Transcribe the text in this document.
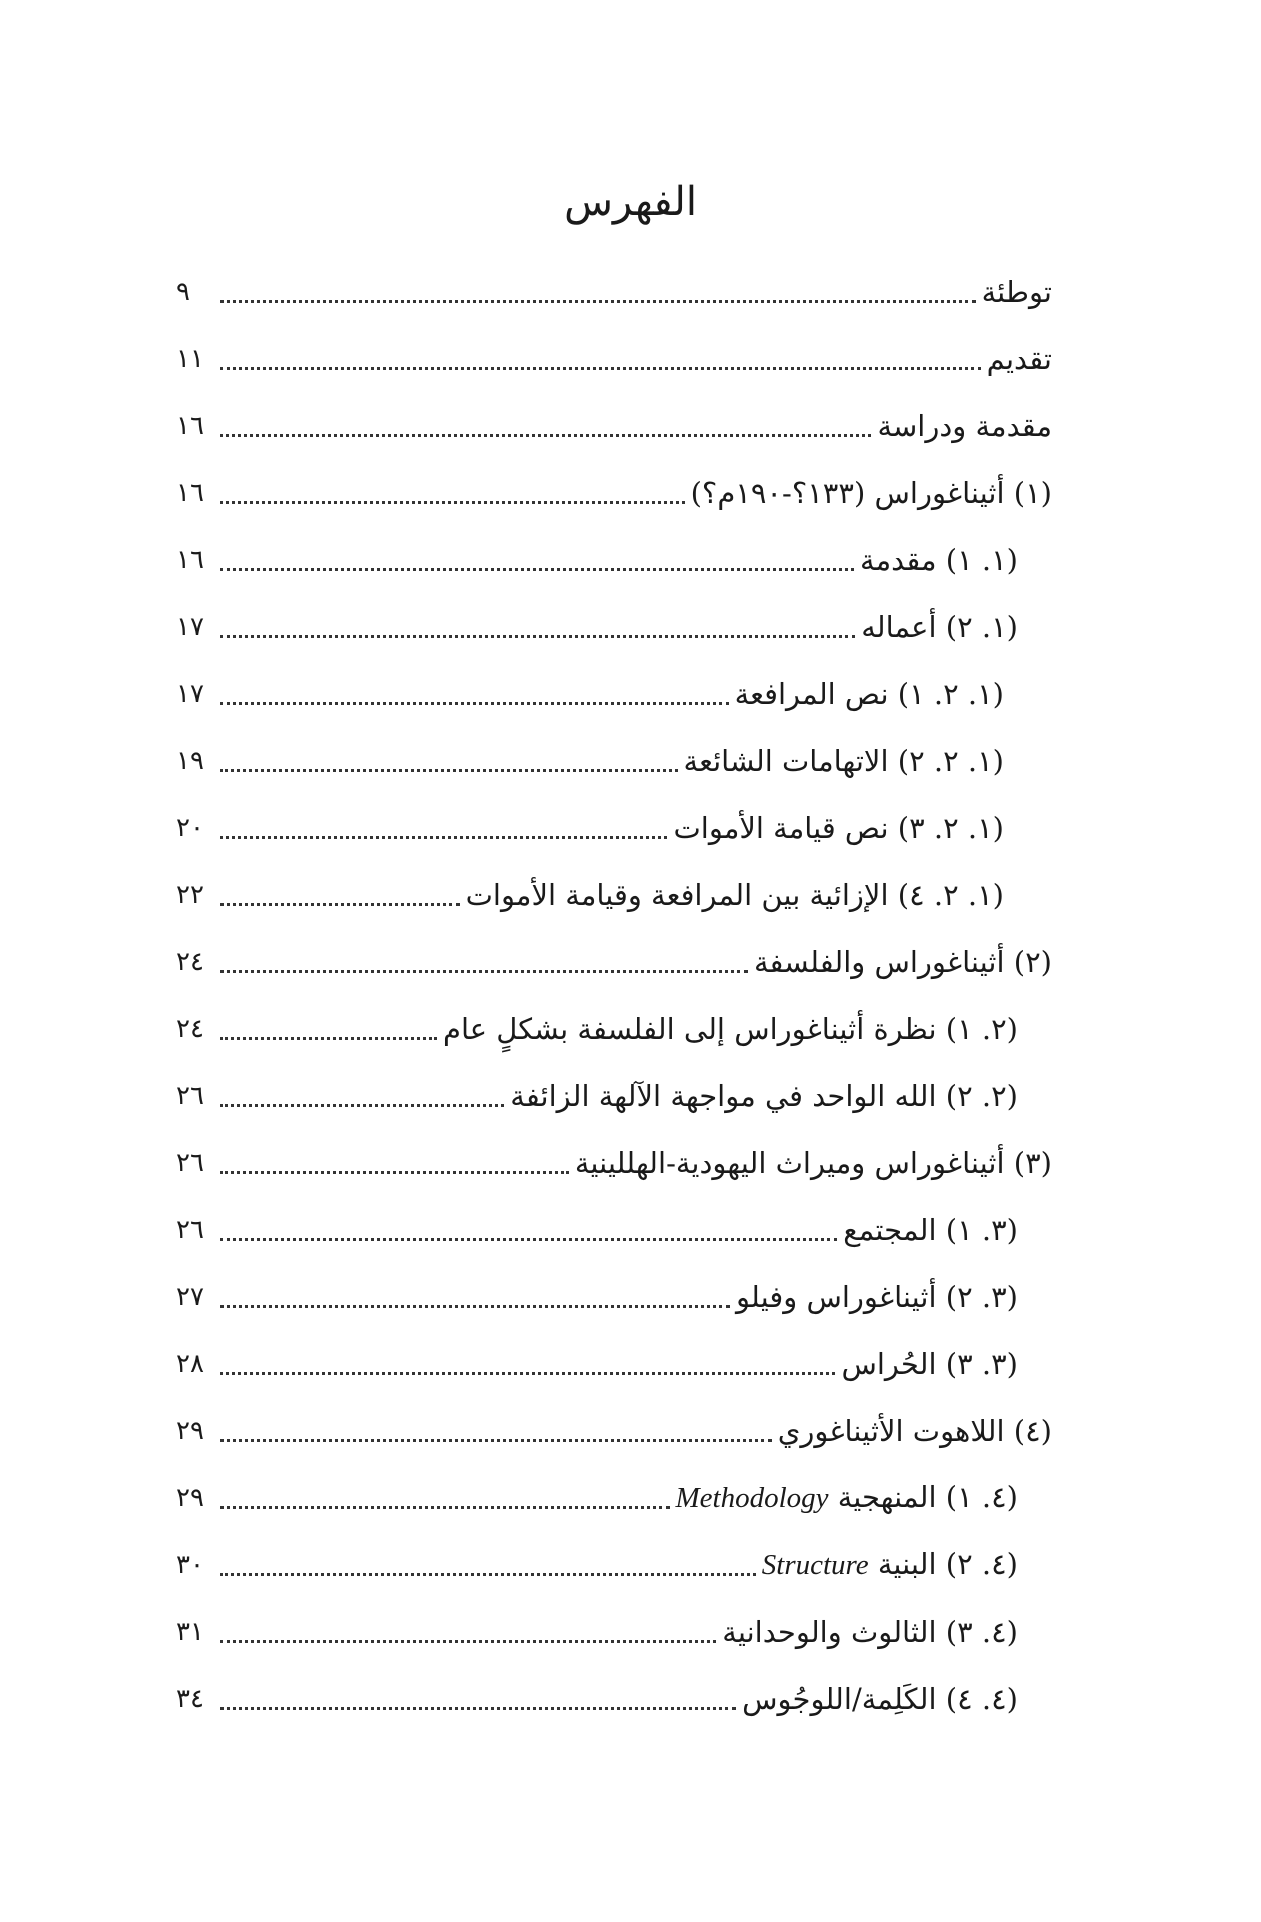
الفهرس
٩	توطئة
١١	تقديم
١٦	مقدمة ودراسة
١٦	(١) أثيناغوراس (١٣٣؟-١٩٠م؟)
١٦	(١. ١) مقدمة
١٧	(١. ٢) أعماله
١٧	(١. ٢. ١) نص المرافعة
١٩	(١. ٢. ٢) الاتهامات الشائعة
٢٠	(١. ٢. ٣) نص قيامة الأموات
٢٢	(١. ٢. ٤) الإزائية بين المرافعة وقيامة الأموات
٢٤	(٢) أثيناغوراس والفلسفة
٢٤	(٢. ١) نظرة أثيناغوراس إلى الفلسفة بشكلٍ عام
٢٦	(٢. ٢) الله الواحد في مواجهة الآلهة الزائفة
٢٦	(٣) أثيناغوراس وميراث اليهودية-الهللينية
٢٦	(٣. ١) المجتمع
٢٧	(٣. ٢) أثيناغوراس وفيلو
٢٨	(٣. ٣) الحُراس
٢٩	(٤) اللاهوت الأثيناغوري
٢٩	(٤. ١) المنهجية Methodology
٣٠	(٤. ٢) البنية Structure
٣١	(٤. ٣) الثالوث والوحدانية
٣٤	(٤. ٤) الكَلِمة/اللوجُوس
